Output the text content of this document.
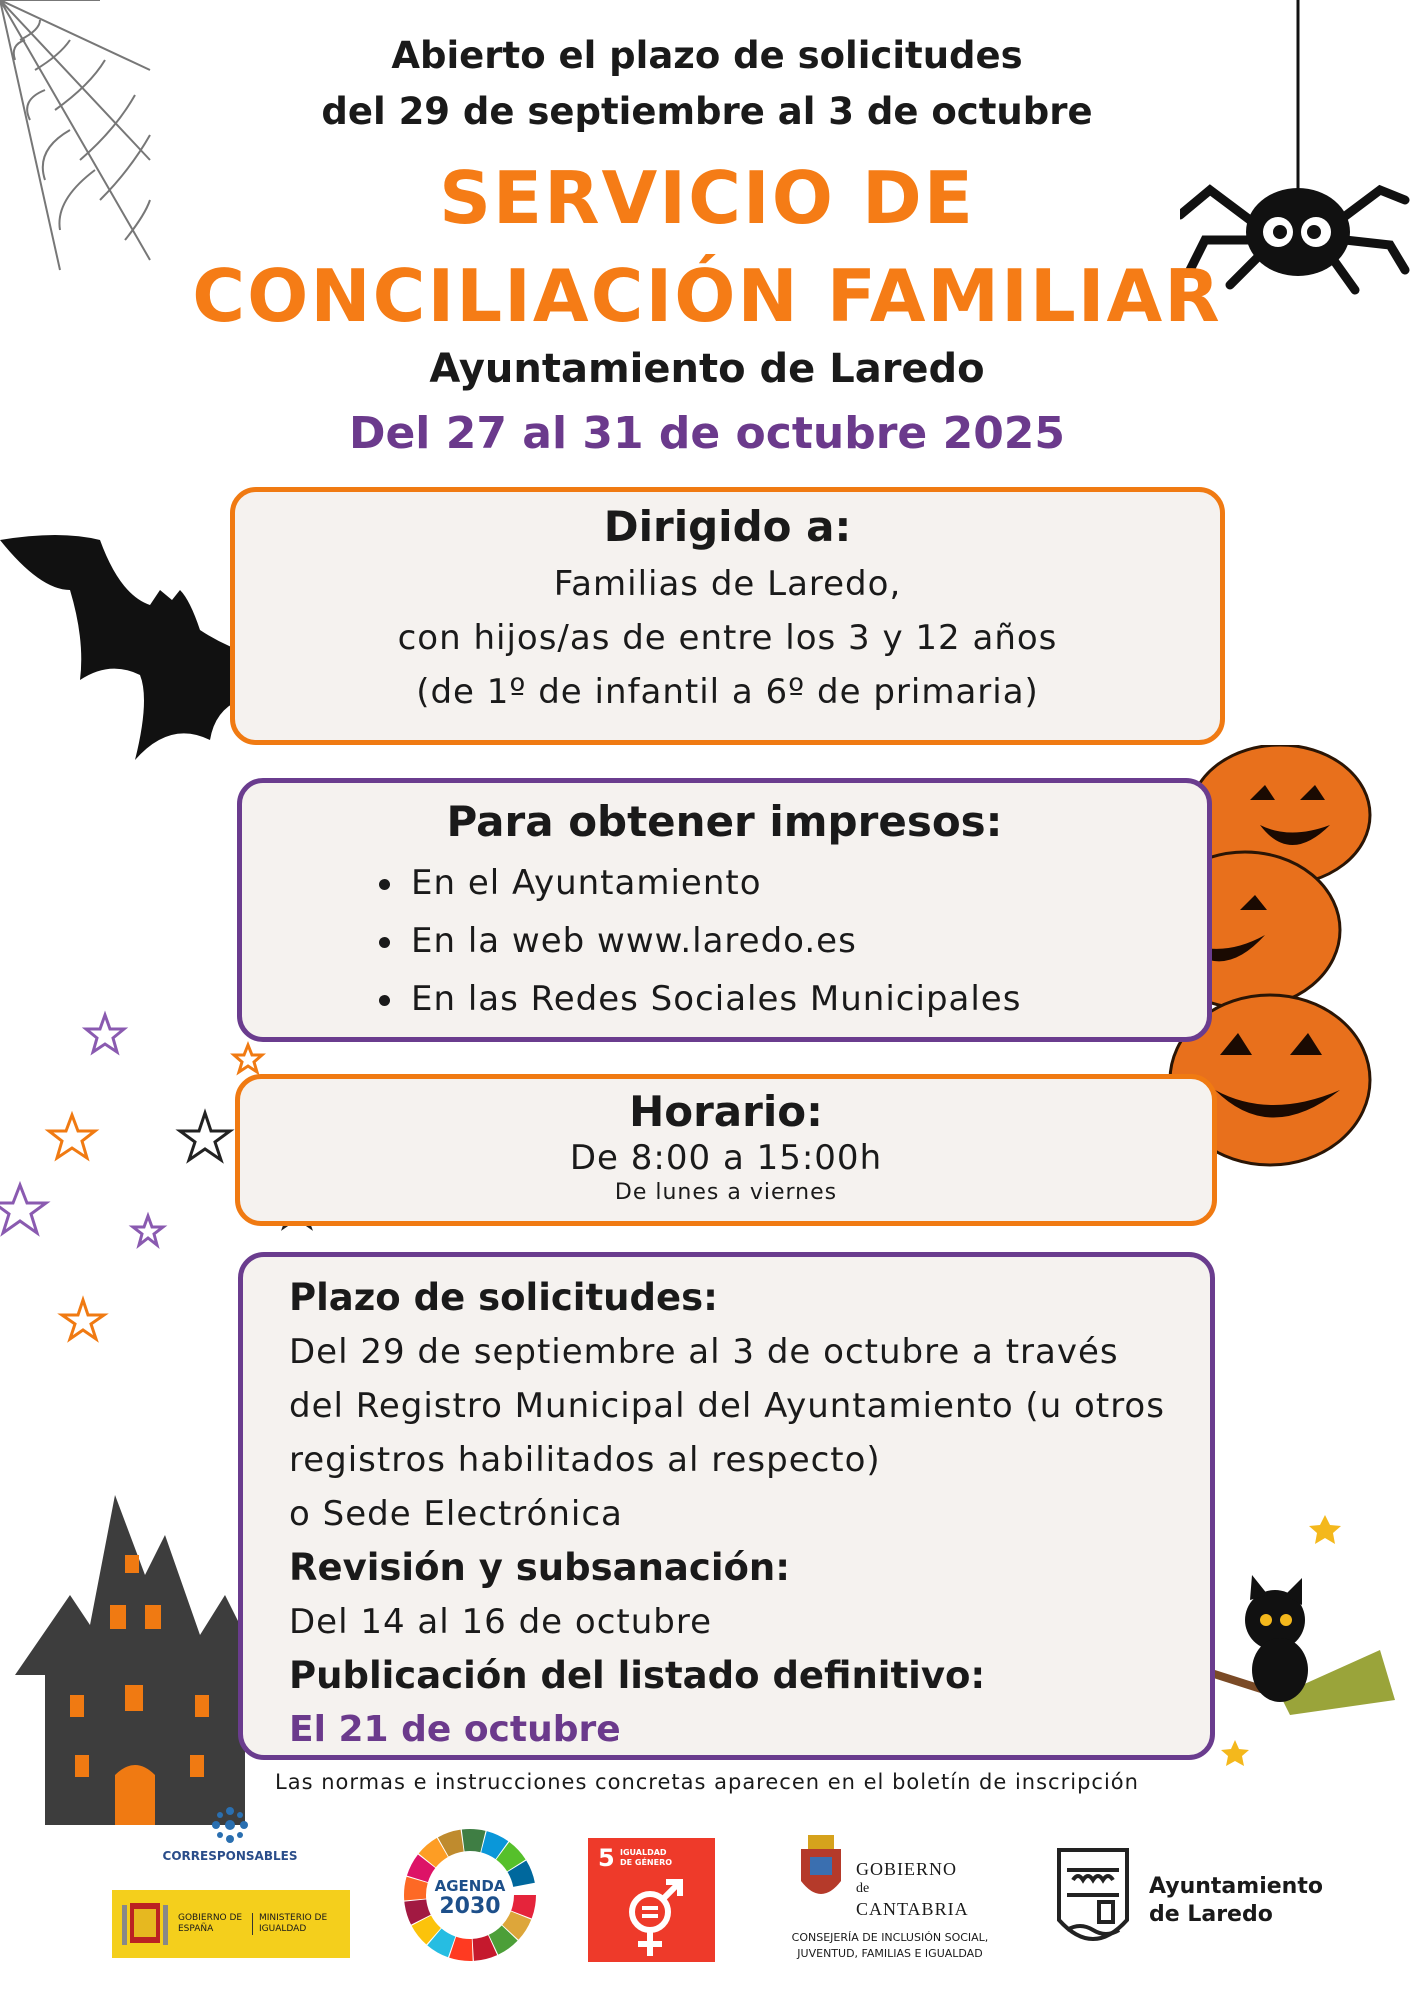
Abierto el plazo de solicitudes
del 29 de septiembre al 3 de octubre
SERVICIO DE
CONCILIACIÓN FAMILIAR
Ayuntamiento de Laredo
Del 27 al 31 de octubre 2025
Dirigido a:
Familias de Laredo,
con hijos/as de entre los 3 y 12 años
(de 1º de infantil a 6º de primaria)
Para obtener impresos:
En el Ayuntamiento
En la web www.laredo.es
En las Redes Sociales Municipales
Horario:
De 8:00 a 15:00h
De lunes a viernes

Plazo de solicitudes:

Del 29 de septiembre al 3 de octubre a través

del Registro Municipal del Ayuntamiento (u otros

registros habilitados al respecto)

o Sede Electrónica

Revisión y subsanación:

Del 14 al 16 de octubre

Publicación del listado definitivo:

El 21 de octubre

Las normas e instrucciones concretas aparecen en el boletín de inscripción
CORRESPONSABLES
GOBIERNO DE ESPAÑA
MINISTERIO DE IGUALDAD
AGENDA
2030
5 IGUALDAD DE GÉNERO	GOBIERNO
de
CANTABRIA
CONSEJERÍA DE INCLUSIÓN SOCIAL,
JUVENTUD, FAMILIAS E IGUALDAD
Ayuntamiento
de Laredo
